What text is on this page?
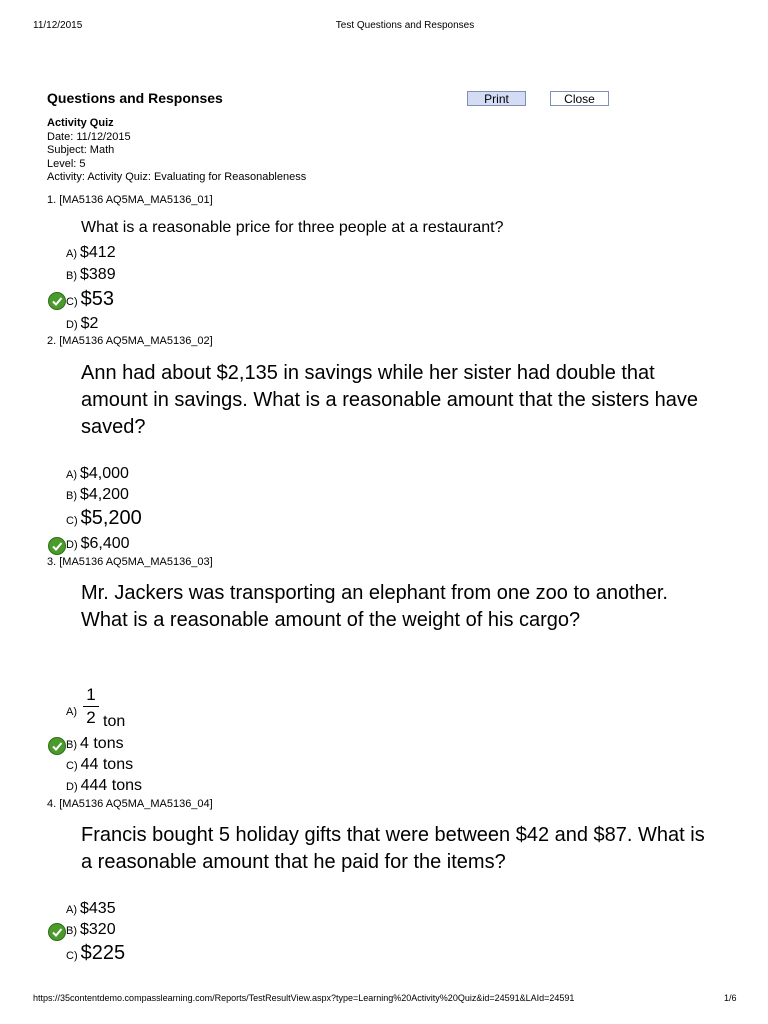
11/12/2015	Test Questions and Responses
Questions and Responses	Print	Close
Activity Quiz
Date: 11/12/2015
Subject: Math
Level: 5
Activity: Activity Quiz: Evaluating for Reasonableness
1. [MA5136 AQ5MA_MA5136_01]
What is a reasonable price for three people at a restaurant?
A) $412
B) $389
C) $53
D) $2
2. [MA5136 AQ5MA_MA5136_02]
Ann had about $2,135 in savings while her sister had double that amount in savings. What is a reasonable amount that the sisters have saved?
A) $4,000
B) $4,200
C) $5,200
D) $6,400
3. [MA5136 AQ5MA_MA5136_03]
Mr. Jackers was transporting an elephant from one zoo to another. What is a reasonable amount of the weight of his cargo?
A)
1
2 ton
B) 4 tons
C) 44 tons
D) 444 tons
4. [MA5136 AQ5MA_MA5136_04]
Francis bought 5 holiday gifts that were between $42 and $87. What is a reasonable amount that he paid for the items?
A) $435
B) $320
C) $225
https://35contentdemo.compasslearning.com/Reports/TestResultView.aspx?type=Learning%20Activity%20Quiz&id=24591&LAId=24591	1/6
